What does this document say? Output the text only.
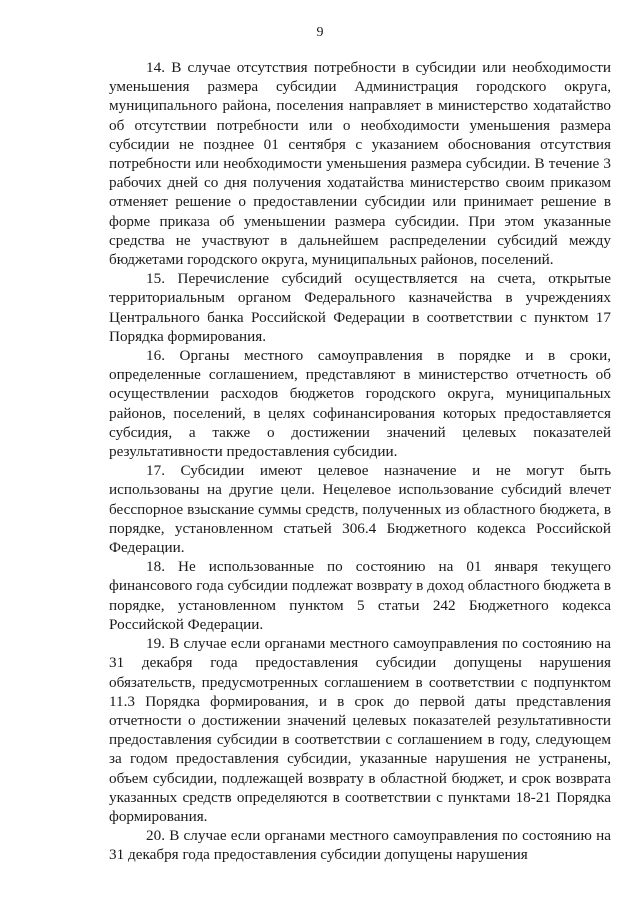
9

14. В случае отсутствия потребности в субсидии или необходимости уменьшения размера субсидии Администрация городского округа, муниципального района, поселения направляет в министерство ходатайство об отсутствии потребности или о необходимости уменьшения размера субсидии не позднее 01 сентября с указанием обоснования отсутствия потребности или необходимости уменьшения размера субсидии. В течение 3 рабочих дней со дня получения ходатайства министерство своим приказом отменяет решение о предоставлении субсидии или принимает решение в форме приказа об уменьшении размера субсидии. При этом указанные средства не участвуют в дальнейшем распределении субсидий между бюджетами городского округа, муниципальных районов, поселений.

15. Перечисление субсидий осуществляется на счета, открытые территориальным органом Федерального казначейства в учреждениях Центрального банка Российской Федерации в соответствии с пунктом 17 Порядка формирования.

16. Органы местного самоуправления в порядке и в сроки, определенные соглашением, представляют в министерство отчетность об осуществлении расходов бюджетов городского округа, муниципальных районов, поселений, в целях софинансирования которых предоставляется субсидия, а также о достижении значений целевых показателей результативности предоставления субсидии.

17. Субсидии имеют целевое назначение и не могут быть использованы на другие цели. Нецелевое использование субсидий влечет бесспорное взыскание суммы средств, полученных из областного бюджета, в порядке, установленном статьей 306.4 Бюджетного кодекса Российской Федерации.

18. Не использованные по состоянию на 01 января текущего финансового года субсидии подлежат возврату в доход областного бюджета в порядке, установленном пунктом 5 статьи 242 Бюджетного кодекса Российской Федерации.

19. В случае если органами местного самоуправления по состоянию на 31 декабря года предоставления субсидии допущены нарушения обязательств, предусмотренных соглашением в соответствии с подпунктом 11.3 Порядка формирования, и в срок до первой даты представления отчетности о достижении значений целевых показателей результативности предоставления субсидии в соответствии с соглашением в году, следующем за годом предоставления субсидии, указанные нарушения не устранены, объем субсидии, подлежащей возврату в областной бюджет, и срок возврата указанных средств определяются в соответствии с пунктами 18-21 Порядка формирования.

20. В случае если органами местного самоуправления по состоянию на 31 декабря года предоставления субсидии допущены нарушения
